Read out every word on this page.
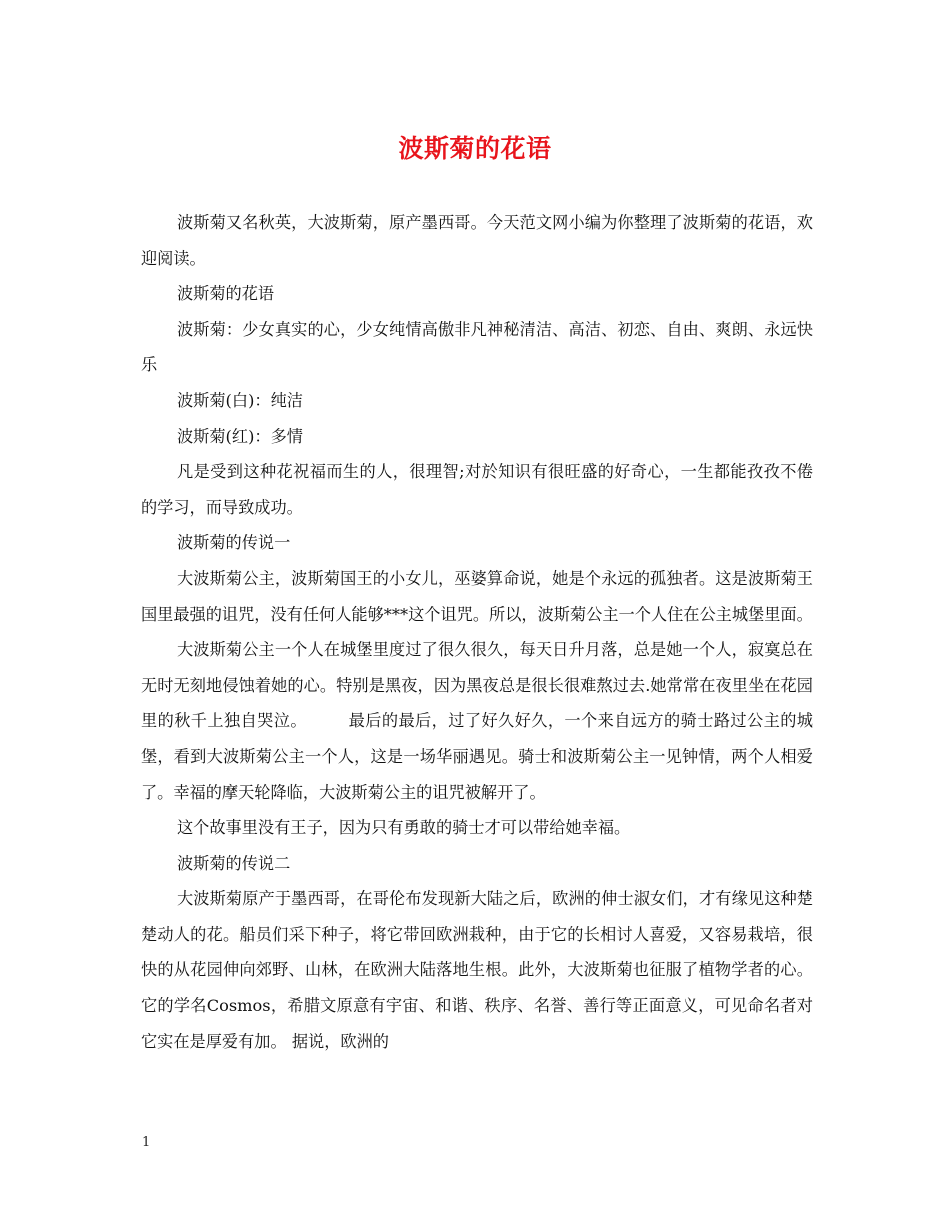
波斯菊的花语

波斯菊又名秋英，大波斯菊，原产墨西哥。今天范文网小编为你整理了波斯菊的花语，欢迎阅读。

波斯菊的花语

波斯菊：少女真实的心，少女纯情高傲非凡神秘清洁、高洁、初恋、自由、爽朗、永远快乐

波斯菊(白)：纯洁

波斯菊(红)：多情

凡是受到这种花祝福而生的人，很理智;对於知识有很旺盛的好奇心，一生都能孜孜不倦的学习，而导致成功。

波斯菊的传说一

大波斯菊公主，波斯菊国王的小女儿，巫婆算命说，她是个永远的孤独者。这是波斯菊王国里最强的诅咒，没有任何人能够***这个诅咒。所以，波斯菊公主一个人住在公主城堡里面。

大波斯菊公主一个人在城堡里度过了很久很久，每天日升月落，总是她一个人，寂寞总在无时无刻地侵蚀着她的心。特别是黑夜，因为黑夜总是很长很难熬过去.她常常在夜里坐在花园里的秋千上独自哭泣。　　　最后的最后，过了好久好久，一个来自远方的骑士路过公主的城堡，看到大波斯菊公主一个人，这是一场华丽遇见。骑士和波斯菊公主一见钟情，两个人相爱了。幸福的摩天轮降临，大波斯菊公主的诅咒被解开了。

这个故事里没有王子，因为只有勇敢的骑士才可以带给她幸福。

波斯菊的传说二

大波斯菊原产于墨西哥，在哥伦布发现新大陆之后，欧洲的伸士淑女们，才有缘见这种楚楚动人的花。船员们采下种子，将它带回欧洲栽种，由于它的长相讨人喜爱，又容易栽培，很快的从花园伸向郊野、山林，在欧洲大陆落地生根。此外，大波斯菊也征服了植物学者的心。它的学名Cosmos，希腊文原意有宇宙、和谐、秩序、名誉、善行等正面意义，可见命名者对它实在是厚爱有加。 据说，欧洲的

1
